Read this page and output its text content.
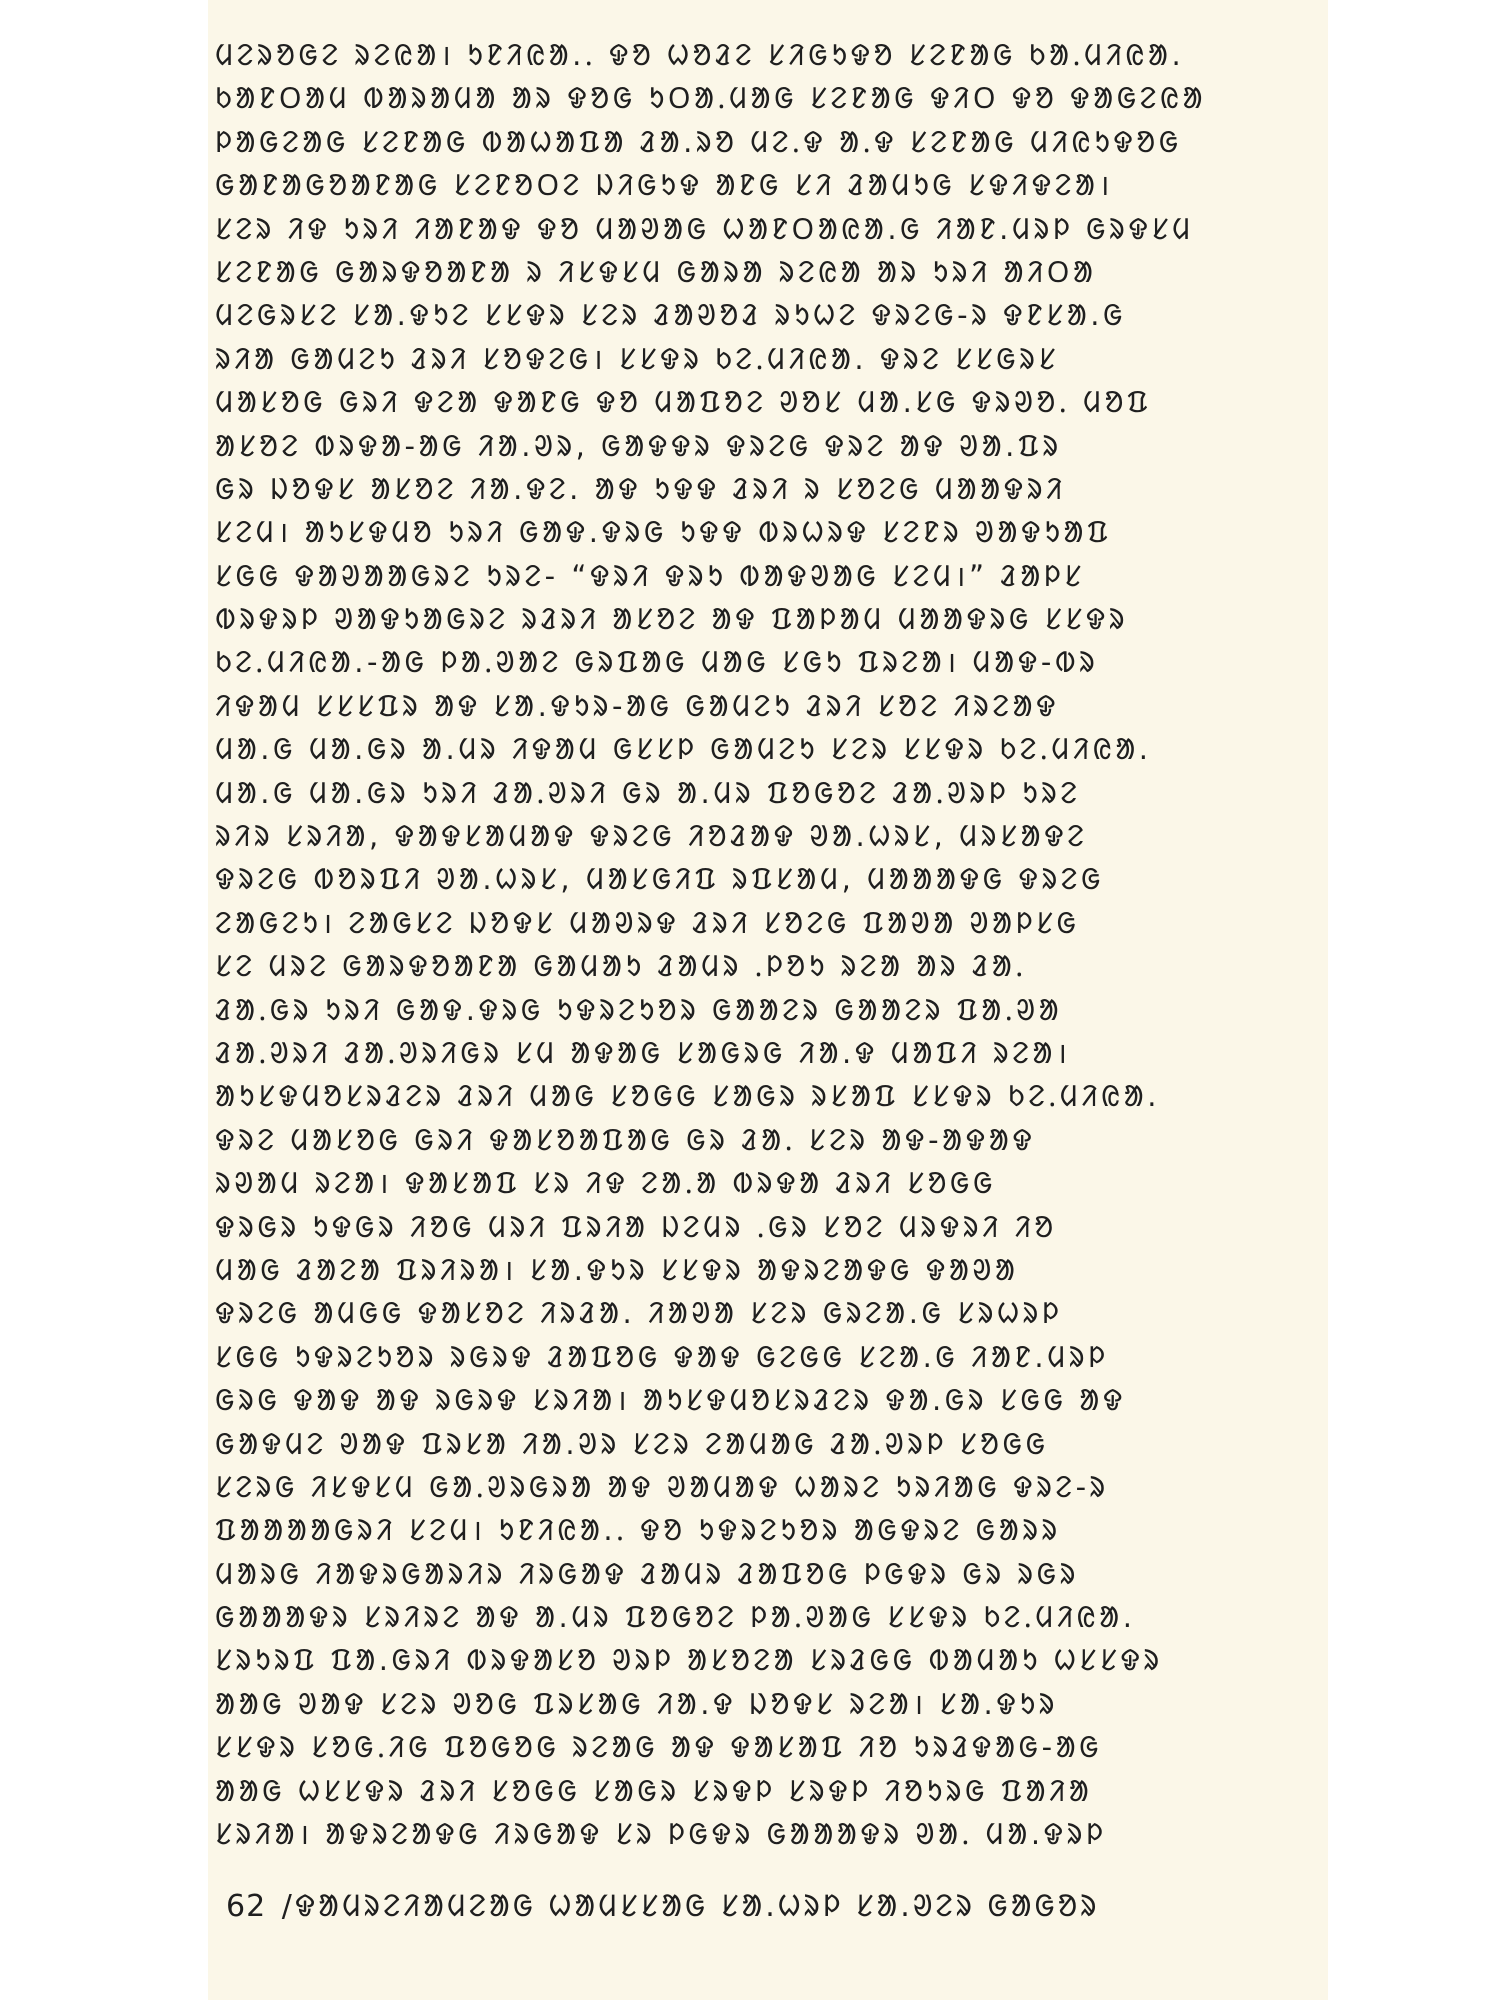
ᱢᱮᱨᱚᱜᱮ ᱨᱮᱭᱟ। ᱩᱱᱤᱭᱟ.ᱹ ᱫᱚ ᱦᱚᱲᱮ ᱥᱤᱜᱩᱫᱚ ᱥᱮᱱᱟᱜ ᱠᱟᱹᱢᱤᱭᱟ.
ᱠᱟᱱᱛᱟᱢ ᱵᱟᱨᱟᱢᱟ ᱟᱨ ᱫᱚᱜ ᱩᱛᱟᱹᱢᱟᱜ ᱥᱮᱱᱟᱜ ᱫᱤᱛ ᱫᱚ ᱫᱟᱜᱮᱭᱟ
ᱞᱟᱜᱮᱟᱜ ᱥᱮᱱᱟᱜ ᱵᱟᱦᱟᱯᱟ ᱲᱟ.ᱨᱚ ᱢᱮᱹᱫ ᱟᱹᱫ ᱥᱮᱱᱟᱜ ᱢᱤᱭᱩᱫᱚᱜ
ᱜᱟᱱᱟᱜᱚᱟᱱᱟᱜ ᱥᱮᱱᱚᱛᱮ ᱡᱤᱜᱩᱫ ᱟᱱᱜ ᱥᱤ ᱲᱟᱢᱩᱜ ᱥᱫᱤᱫᱮᱟ।
ᱥᱮᱨ ᱤᱫ ᱩᱨᱤ ᱤᱟᱱᱟᱫ ᱫᱚ ᱢᱟᱣᱟᱜ ᱦᱟᱱᱛᱟᱭᱟ.ᱜ ᱤᱟᱱ.ᱢᱨᱞ ᱜᱨᱫᱥᱢ
ᱥᱮᱱᱟᱜ ᱜᱟᱨᱫᱚᱟᱱᱟ ᱨ ᱤᱥᱫᱥᱢ ᱜᱟᱨᱟ ᱨᱮᱭᱟ ᱟᱨ ᱩᱨᱤ ᱟᱤᱛᱟ
ᱢᱮᱜᱨᱥᱮ ᱥᱟ.ᱫᱩᱮ ᱥᱥᱫᱨ ᱥᱮᱨ ᱲᱟᱣᱚᱲ ᱨᱩᱦᱮ ᱫᱨᱮᱜ-ᱨ ᱫᱱᱥᱟ.ᱜ
ᱨᱤᱟ ᱜᱟᱢᱮᱩ ᱲᱨᱤ ᱥᱚᱫᱮᱜ। ᱥᱥᱫᱨ ᱠᱮᱹᱢᱤᱭᱟ. ᱫᱨᱮ ᱥᱥᱜᱨᱥ
ᱢᱟᱥᱚᱜ ᱜᱨᱤ ᱫᱮᱟ ᱫᱟᱱᱜ ᱫᱚ ᱢᱟᱯᱚᱮ ᱣᱚᱥ ᱢᱟ.ᱥᱜ ᱫᱨᱣᱚᱹ ᱢᱚᱯ
ᱟᱥᱚᱮ ᱵᱨᱫᱟ-ᱟᱜ ᱤᱟ.ᱣᱨ, ᱜᱟᱫᱫᱨ ᱫᱨᱮᱜ ᱫᱨᱮ ᱟᱫ ᱣᱟ.ᱯᱨ
ᱜᱨ ᱡᱚᱫᱥ ᱟᱥᱚᱮ ᱤᱟ.ᱫᱮ. ᱟᱫ ᱩᱫᱫ ᱲᱨᱤ ᱨ ᱥᱚᱮᱜ ᱢᱟᱟᱫᱨᱤ
ᱥᱮᱢ। ᱟᱩᱥᱫᱢᱚ ᱩᱨᱤ ᱜᱟᱫ.ᱫᱨᱜ ᱩᱫᱫ ᱵᱨᱦᱨᱫ ᱥᱮᱱᱨ ᱣᱟᱫᱩᱟᱯ
ᱥᱜᱜ ᱫᱟᱣᱟᱟᱜᱨᱮ ᱩᱨᱮ- “ᱫᱨᱤ ᱫᱨᱩ ᱵᱟᱫᱣᱟᱜ ᱥᱮᱢ।” ᱲᱟᱞᱥ
ᱵᱨᱫᱨᱞ ᱣᱟᱫᱩᱟᱜᱨᱮ ᱨᱲᱨᱤ ᱟᱥᱚᱮ ᱟᱫ ᱯᱟᱞᱟᱢ ᱢᱟᱟᱫᱨᱜ ᱥᱥᱫᱨ
ᱠᱮᱹᱢᱤᱭᱟ.-ᱟᱜ ᱞᱟᱹᱣᱟᱮ ᱜᱨᱯᱟᱜ ᱢᱟᱜ ᱥᱜᱩ ᱯᱨᱮᱟ। ᱢᱟᱫ-ᱵᱨ
ᱤᱫᱟᱢ ᱥᱥᱥᱯᱨ ᱟᱫ ᱥᱟ.ᱫᱩᱨ-ᱟᱜ ᱜᱟᱢᱮᱩ ᱲᱨᱤ ᱥᱚᱮ ᱤᱨᱮᱟᱫ
ᱢᱟ.ᱜ ᱢᱟ.ᱜᱨ ᱟ.ᱢᱨ ᱤᱫᱟᱢ ᱜᱥᱥᱞ ᱜᱟᱢᱮᱩ ᱥᱮᱨ ᱥᱥᱫᱨ ᱠᱮᱹᱢᱤᱭᱟ.
ᱢᱟ.ᱜ ᱢᱟ.ᱜᱨ ᱩᱨᱤ ᱲᱟᱹᱣᱨᱤ ᱜᱨ ᱟ.ᱢᱨ ᱯᱚᱜᱚᱮ ᱲᱟᱹᱣᱨᱞ ᱩᱨᱮ
ᱨᱤᱨ ᱥᱨᱤᱟ, ᱫᱟᱫᱥᱟᱢᱟᱫ ᱫᱨᱮᱜ ᱤᱚᱲᱟᱫ ᱣᱟ.ᱦᱨᱥ, ᱢᱨᱥᱟᱫᱮ
ᱫᱨᱮᱜ ᱵᱚᱨᱯᱤ ᱣᱟ.ᱦᱨᱥ, ᱢᱟᱥᱜᱤᱯ ᱨᱯᱥᱟᱢ, ᱢᱟᱟᱟᱫᱜ ᱫᱨᱮᱜ
ᱮᱟᱜᱮᱩ। ᱮᱟᱜᱥᱮ ᱡᱚᱫᱥ ᱢᱟᱣᱨᱫ ᱲᱨᱤ ᱥᱚᱮᱜ ᱯᱟᱣᱟ ᱣᱟᱞᱥᱜ
ᱥᱮ ᱢᱨᱮ ᱜᱟᱨᱫᱚᱟᱱᱟ ᱜᱟᱢᱟᱩ ᱲᱟᱢᱨ ᱹᱞᱚᱩ ᱨᱮᱟ ᱟᱨ ᱲᱟᱹ
ᱲᱟᱹᱜᱨ ᱩᱨᱤ ᱜᱟᱫ.ᱫᱨᱜ ᱩᱫᱨᱮᱩᱚᱨ ᱜᱟᱟᱮᱨ ᱜᱟᱟᱮᱨ ᱯᱟᱹᱣᱟ
ᱲᱟᱹᱣᱨᱤ ᱲᱟᱹᱣᱨᱤᱜᱨ ᱥᱢ ᱟᱫᱟᱜ ᱥᱟᱜᱨᱜ ᱤᱟ.ᱫ ᱢᱟᱯᱤ ᱨᱮᱟ।
ᱟᱩᱥᱫᱢᱚᱥᱨᱲᱮᱨ ᱲᱨᱤ ᱢᱟᱜ ᱥᱚᱜᱜ ᱥᱟᱜᱨ ᱨᱥᱟᱯ ᱥᱥᱫᱨ ᱠᱮᱹᱢᱤᱭᱟ.
ᱫᱨᱮ ᱢᱟᱥᱚᱜ ᱜᱨᱤ ᱫᱟᱥᱚᱟᱯᱟᱜ ᱜᱨ ᱲᱟᱹ ᱥᱮᱨ ᱟᱫ-ᱟᱫᱟᱫ
ᱨᱣᱟᱢ ᱨᱮᱟ। ᱫᱟᱥᱟᱯ ᱥᱨ ᱤᱫ ᱮᱟᱹᱟ ᱵᱨᱫᱟ ᱲᱨᱤ ᱥᱚᱜᱜ
ᱫᱨᱜᱨ ᱩᱫᱜᱨ ᱤᱚᱜ ᱢᱨᱤ ᱯᱨᱤᱟ ᱡᱮᱢᱨ ᱹᱜᱨ ᱥᱚᱮ ᱢᱨᱫᱨᱤ ᱤᱚ
ᱢᱟᱜ ᱲᱟᱮᱟ ᱯᱨᱤᱨᱟ। ᱥᱟ.ᱫᱩᱨ ᱥᱥᱫᱨ ᱟᱫᱨᱮᱟᱫᱜ ᱫᱟᱣᱟ
ᱫᱨᱮᱜ ᱟᱢᱜᱜ ᱫᱟᱥᱚᱮ ᱤᱨᱲᱟ. ᱤᱟᱣᱟ ᱥᱮᱨ ᱜᱨᱮᱟ.ᱜ ᱥᱨᱦᱨᱞ
ᱥᱜᱜ ᱩᱫᱨᱮᱩᱚᱨ ᱨᱜᱨᱫ ᱲᱟᱯᱚᱜ ᱫᱟᱫ ᱜᱮᱜᱜ ᱥᱮᱟ.ᱜ ᱤᱟᱱ.ᱢᱨᱞ
ᱜᱨᱜ ᱫᱟᱫ ᱟᱫ ᱨᱜᱨᱫ ᱥᱨᱤᱟ। ᱟᱩᱥᱫᱢᱚᱥᱨᱲᱮᱨ ᱫᱟ.ᱜᱨ ᱥᱜᱜ ᱟᱫ
ᱜᱟᱫᱢᱮ ᱣᱟᱫ ᱯᱨᱥᱟ ᱤᱟ.ᱣᱨ ᱥᱮᱨ ᱮᱟᱢᱟᱜ ᱲᱟᱹᱣᱨᱞ ᱥᱚᱜᱜ
ᱥᱮᱨᱜ ᱤᱥᱫᱥᱢ ᱜᱟᱹᱣᱨᱜᱨᱟ ᱟᱫ ᱣᱟᱢᱟᱫ ᱦᱟᱨᱮ ᱩᱨᱤᱟᱜ ᱫᱨᱮ-ᱨ
ᱯᱟᱟᱟᱟᱜᱨᱤ ᱥᱮᱢ। ᱩᱱᱤᱭᱟ.ᱹ ᱫᱚ ᱩᱫᱨᱮᱩᱚᱨ ᱟᱜᱫᱨᱮ ᱜᱟᱨᱨ
ᱢᱟᱨᱜ ᱤᱟᱫᱨᱜᱟᱨᱤᱨ ᱤᱨᱜᱟᱫ ᱲᱟᱢᱨ ᱲᱟᱯᱚᱜ ᱞᱜᱫᱨ ᱜᱨ ᱨᱜᱨ
ᱜᱟᱟᱟᱫᱨ ᱥᱨᱤᱨᱮ ᱟᱫ ᱟ.ᱢᱨ ᱯᱚᱜᱚᱮ ᱞᱟᱹᱣᱟᱜ ᱥᱥᱫᱨ ᱠᱮᱹᱢᱤᱭᱟ.
ᱥᱨᱩᱨᱯ ᱯᱟ.ᱜᱨᱤ ᱵᱨᱫᱟᱥᱚ ᱣᱨᱞ ᱟᱥᱚᱮᱟ ᱥᱨᱲᱜᱜ ᱵᱟᱢᱟᱩ ᱦᱥᱥᱫᱨ
ᱟᱟᱜ ᱣᱟᱫ ᱥᱮᱨ ᱣᱚᱜ ᱯᱨᱥᱟᱜ ᱤᱟ.ᱫ ᱡᱚᱫᱥ ᱨᱮᱟ। ᱥᱟ.ᱫᱩᱨ
ᱥᱥᱫᱨ ᱥᱚᱜᱹᱤᱜ ᱯᱚᱜᱚᱜ ᱨᱮᱟᱜ ᱟᱫ ᱫᱟᱥᱟᱯ ᱤᱚ ᱩᱨᱲᱫᱟᱜ-ᱟᱜ
ᱟᱟᱜ ᱦᱥᱥᱫᱨ ᱲᱨᱤ ᱥᱚᱜᱜ ᱥᱟᱜᱨ ᱥᱨᱫᱞ ᱥᱨᱫᱞ ᱤᱚᱩᱨᱜ ᱯᱟᱤᱟ
ᱥᱨᱤᱟ। ᱟᱫᱨᱮᱟᱫᱜ ᱤᱨᱜᱟᱫ ᱥᱨ ᱞᱜᱫᱨ ᱜᱟᱟᱟᱫᱨ ᱣᱟᱹ ᱢᱟ.ᱫᱨᱞ
62 /ᱫᱟᱢᱨᱮᱤᱟᱢᱮᱟᱜ ᱦᱟᱢᱥᱥᱟᱜ ᱥᱟ.ᱦᱨᱞ ᱥᱟ.ᱣᱮᱨ ᱜᱟᱜᱚᱨ
